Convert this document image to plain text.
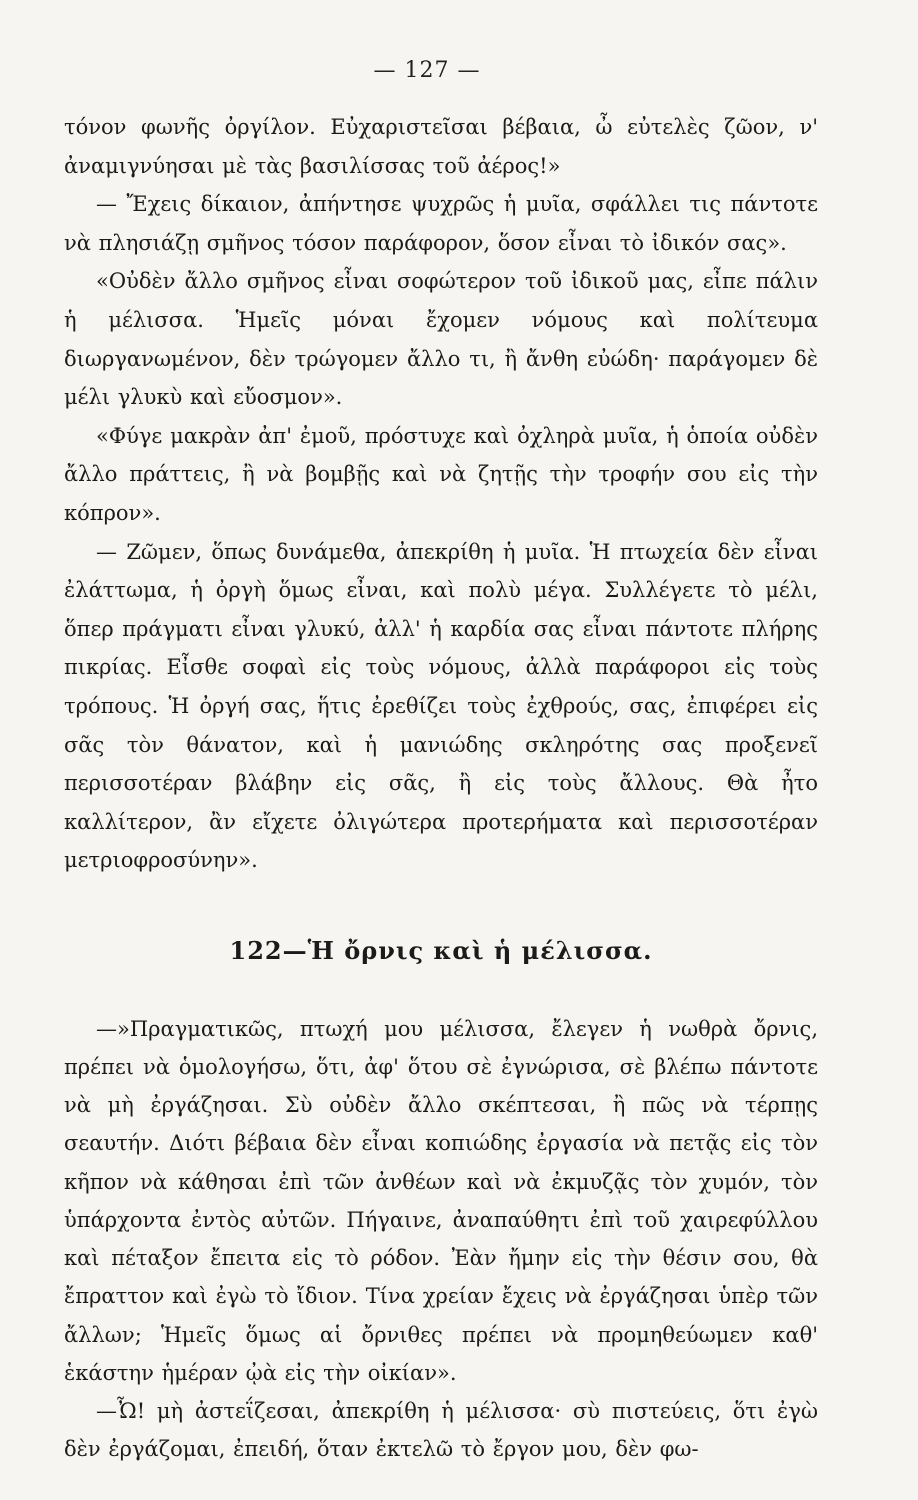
— 127 —

τόνον φωνῆς ὀργίλον. Εὐχαριστεῖσαι βέβαια, ὦ εὐτελὲς ζῶον, ν' ἀναμιγνύησαι μὲ τὰς βασιλίσσας τοῦ ἀέρος!»

— Ἔχεις δίκαιον, ἀπήντησε ψυχρῶς ἡ μυῖα, σφάλλει τις πάντοτε νὰ πλησιάζῃ σμῆνος τόσον παράφορον, ὅσον εἶναι τὸ ἰδικόν σας».

«Οὐδὲν ἄλλο σμῆνος εἶναι σοφώτερον τοῦ ἰδικοῦ μας, εἶπε πάλιν ἡ μέλισσα. Ἡμεῖς μόναι ἔχομεν νόμους καὶ πολίτευμα διωργανωμένον, δὲν τρώγομεν ἄλλο τι, ἢ ἄνθη εὐώδη· παράγομεν δὲ μέλι γλυκὺ καὶ εὔοσμον».

«Φύγε μακρὰν ἀπ' ἐμοῦ, πρόστυχε καὶ ὀχληρὰ μυῖα, ἡ ὁποία οὐδὲν ἄλλο πράττεις, ἢ νὰ βομβῇς καὶ νὰ ζητῇς τὴν τροφήν σου εἰς τὴν κόπρον».

— Ζῶμεν, ὅπως δυνάμεθα, ἀπεκρίθη ἡ μυῖα. Ἡ πτωχεία δὲν εἶναι ἐλάττωμα, ἡ ὀργὴ ὅμως εἶναι, καὶ πολὺ μέγα. Συλλέγετε τὸ μέλι, ὅπερ πράγματι εἶναι γλυκύ, ἀλλ' ἡ καρδία σας εἶναι πάντοτε πλήρης πικρίας. Εἶσθε σοφαὶ εἰς τοὺς νόμους, ἀλλὰ παράφοροι εἰς τοὺς τρόπους. Ἡ ὀργή σας, ἥτις ἐρεθίζει τοὺς ἐχθρούς, σας, ἐπιφέρει εἰς σᾶς τὸν θάνατον, καὶ ἡ μανιώδης σκληρότης σας προξενεῖ περισσοτέραν βλάβην εἰς σᾶς, ἢ εἰς τοὺς ἄλλους. Θὰ ἦτο καλλίτερον, ἂν εἴχετε ὀλιγώτερα προτερήματα καὶ περισσοτέραν μετριοφροσύνην».

122—Ἡ ὄρνις καὶ ἡ μέλισσα.

—»Πραγματικῶς, πτωχή μου μέλισσα, ἔλεγεν ἡ νωθρὰ ὄρνις, πρέπει νὰ ὁμολογήσω, ὅτι, ἀφ' ὅτου σὲ ἐγνώρισα, σὲ βλέπω πάντοτε νὰ μὴ ἐργάζησαι. Σὺ οὐδὲν ἄλλο σκέπτεσαι, ἢ πῶς νὰ τέρπῃς σεαυτήν. Διότι βέβαια δὲν εἶναι κοπιώδης ἐργασία νὰ πετᾷς εἰς τὸν κῆπον νὰ κάθησαι ἐπὶ τῶν ἀνθέων καὶ νὰ ἐκμυζᾷς τὸν χυμόν, τὸν ὑπάρχοντα ἐντὸς αὐτῶν. Πήγαινε, ἀναπαύθητι ἐπὶ τοῦ χαιρεφύλλου καὶ πέταξον ἔπειτα εἰς τὸ ρόδον. Ἐὰν ἤμην εἰς τὴν θέσιν σου, θὰ ἔπραττον καὶ ἐγὼ τὸ ἴδιον. Τίνα χρείαν ἔχεις νὰ ἐργάζησαι ὑπὲρ τῶν ἄλλων; Ἡμεῖς ὅμως αἱ ὄρνιθες πρέπει νὰ προμηθεύωμεν καθ' ἑκάστην ἡμέραν ᾠὰ εἰς τὴν οἰκίαν».

—Ὦ! μὴ ἀστεΐζεσαι, ἀπεκρίθη ἡ μέλισσα· σὺ πιστεύεις, ὅτι ἐγὼ δὲν ἐργάζομαι, ἐπειδή, ὅταν ἐκτελῶ τὸ ἔργον μου, δὲν φω-
